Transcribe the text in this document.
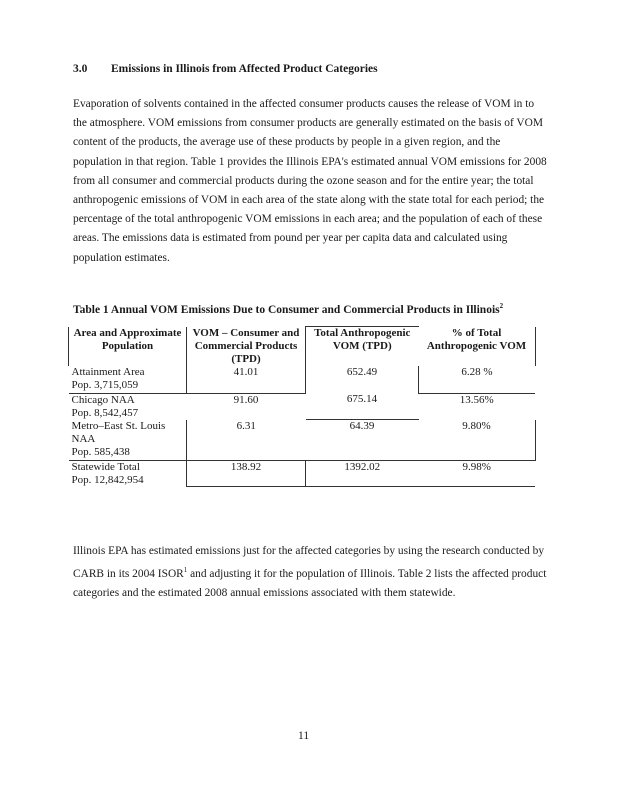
3.0 Emissions in Illinois from Affected Product Categories

Evaporation of solvents contained in the affected consumer products causes the release of VOM in to the atmosphere. VOM emissions from consumer products are generally estimated on the basis of VOM content of the products, the average use of these products by people in a given region, and the population in that region. Table 1 provides the Illinois EPA's estimated annual VOM emissions for 2008 from all consumer and commercial products during the ozone season and for the entire year; the total anthropogenic emissions of VOM in each area of the state along with the state total for each period; the percentage of the total anthropogenic VOM emissions in each area; and the population of each of these areas. The emissions data is estimated from pound per year per capita data and calculated using population estimates.

Table 1 Annual VOM Emissions Due to Consumer and Commercial Products in Illinois$^2$
Area and Approximate Population	VOM – Consumer and Commercial Products (TPD)	Total Anthropogenic VOM (TPD)	% of Total Anthropogenic VOM

Attainment Area
Pop. 3,715,059	41.01	652.49	6.28 %

Chicago NAA
Pop. 8,542,457	91.60	675.14	13.56%

Metro–East St. Louis NAA
Pop. 585,438	6.31	64.39	9.80%

Statewide Total
Pop. 12,842,954	138.92	1392.02	9.98%

Illinois EPA has estimated emissions just for the affected categories by using the research conducted by CARB in its 2004 ISOR$^1$ and adjusting it for the population of Illinois. Table 2 lists the affected product categories and the estimated 2008 annual emissions associated with them statewide.

11
